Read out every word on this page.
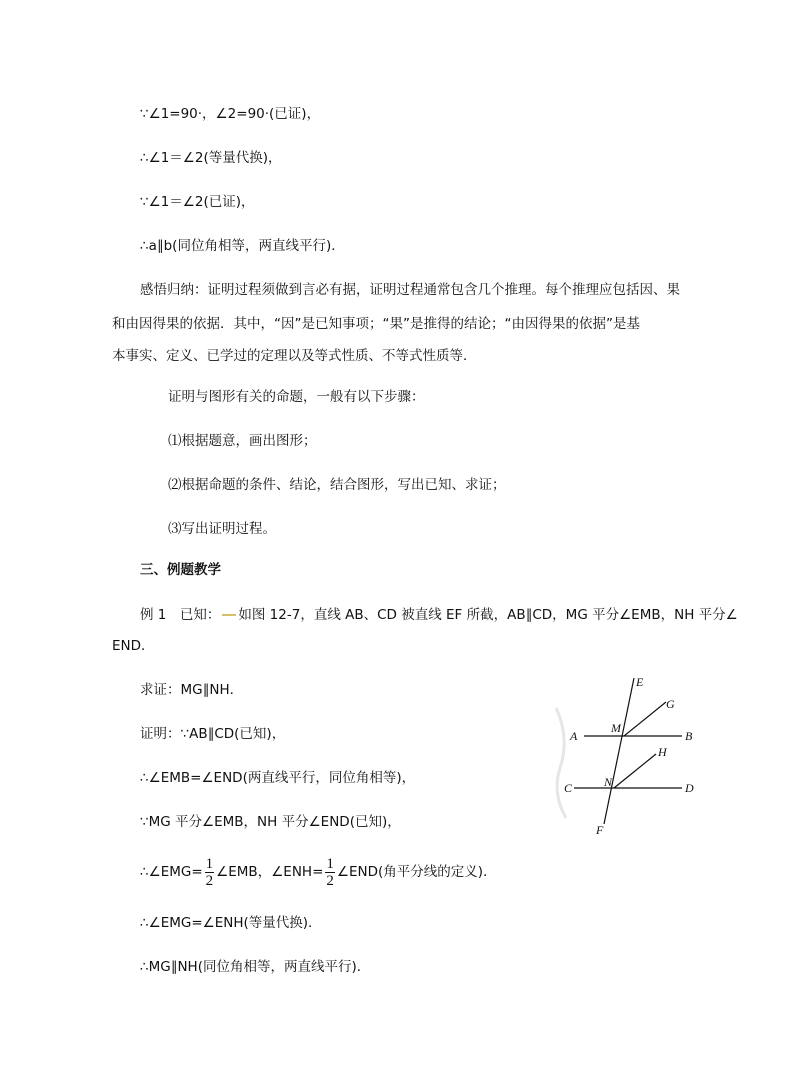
∵∠1=90·，∠2=90·(已证)，
∴∠1＝∠2(等量代换)，
∵∠1＝∠2(已证)，
∴a∥b(同位角相等，两直线平行)．
感悟归纳：证明过程须做到言必有据，证明过程通常包含几个推理。每个推理应包括因、果
和由因得果的依据．其中，“因”是已知事项；“果”是推得的结论；“由因得果的依据”是基
本事实、定义、已学过的定理以及等式性质、不等式性质等．
证明与图形有关的命题，一般有以下步骤：
⑴根据题意，画出图形；
⑵根据命题的条件、结论，结合图形，写出已知、求证；
⑶写出证明过程。
三、例题教学
例 1　已知： 如图 12-7，直线 AB、CD 被直线 EF 所截，AB∥CD，MG 平分∠EMB，NH 平分∠
END．
求证：MG∥NH．
证明：∵AB∥CD(已知)，
∴∠EMB=∠END(两直线平行，同位角相等)，
∵MG 平分∠EMB，NH 平分∠END(已知)，
∴∠EMG= $\frac{1}{2}$ ∠EMB，∠ENH= $\frac{1}{2}$ ∠END(角平分线的定义)．
∴∠EMG=∠ENH(等量代换)．
∴MG∥NH(同位角相等，两直线平行)．
E
G
M
A	B
H
C	N	D
F
